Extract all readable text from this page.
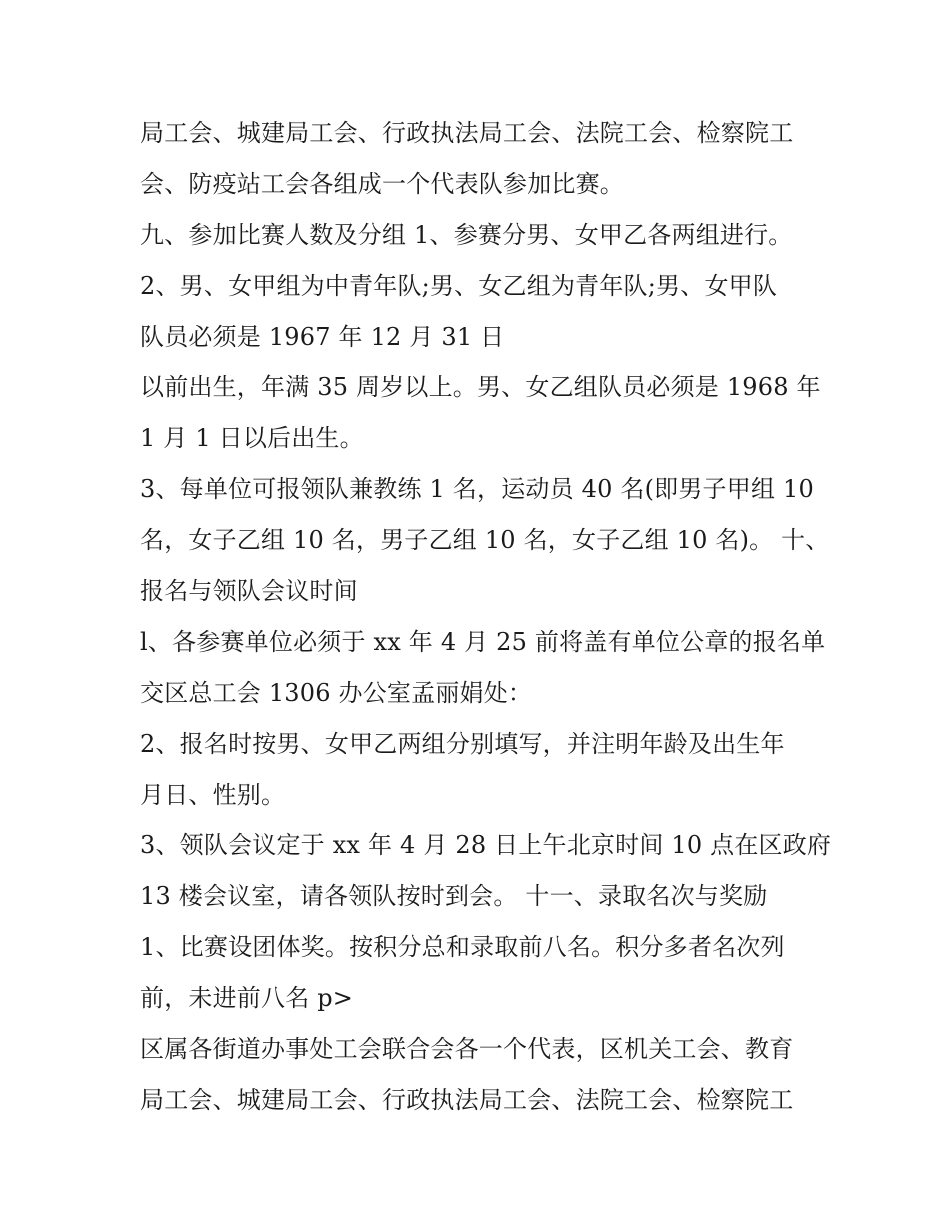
局工会、城建局工会、行政执法局工会、法院工会、检察院工
会、防疫站工会各组成一个代表队参加比赛。
九、参加比赛人数及分组 1、参赛分男、女甲乙各两组进行。
2、男、女甲组为中青年队;男、女乙组为青年队;男、女甲队
队员必须是 1967 年 12 月 31 日
以前出生，年满 35 周岁以上。男、女乙组队员必须是 1968 年
1 月 1 日以后出生。
3、每单位可报领队兼教练 1 名，运动员 40 名(即男子甲组 10
名，女子乙组 10 名，男子乙组 10 名，女子乙组 10 名)。 十、
报名与领队会议时间
l、各参赛单位必须于 xx 年 4 月 25 前将盖有单位公章的报名单
交区总工会 1306 办公室孟丽娟处：
2、报名时按男、女甲乙两组分别填写，并注明年龄及出生年
月日、性别。
3、领队会议定于 xx 年 4 月 28 日上午北京时间 10 点在区政府
13 楼会议室，请各领队按时到会。 十一、录取名次与奖励
1、比赛设团体奖。按积分总和录取前八名。积分多者名次列
前，未进前八名 p>
区属各街道办事处工会联合会各一个代表，区机关工会、教育
局工会、城建局工会、行政执法局工会、法院工会、检察院工
